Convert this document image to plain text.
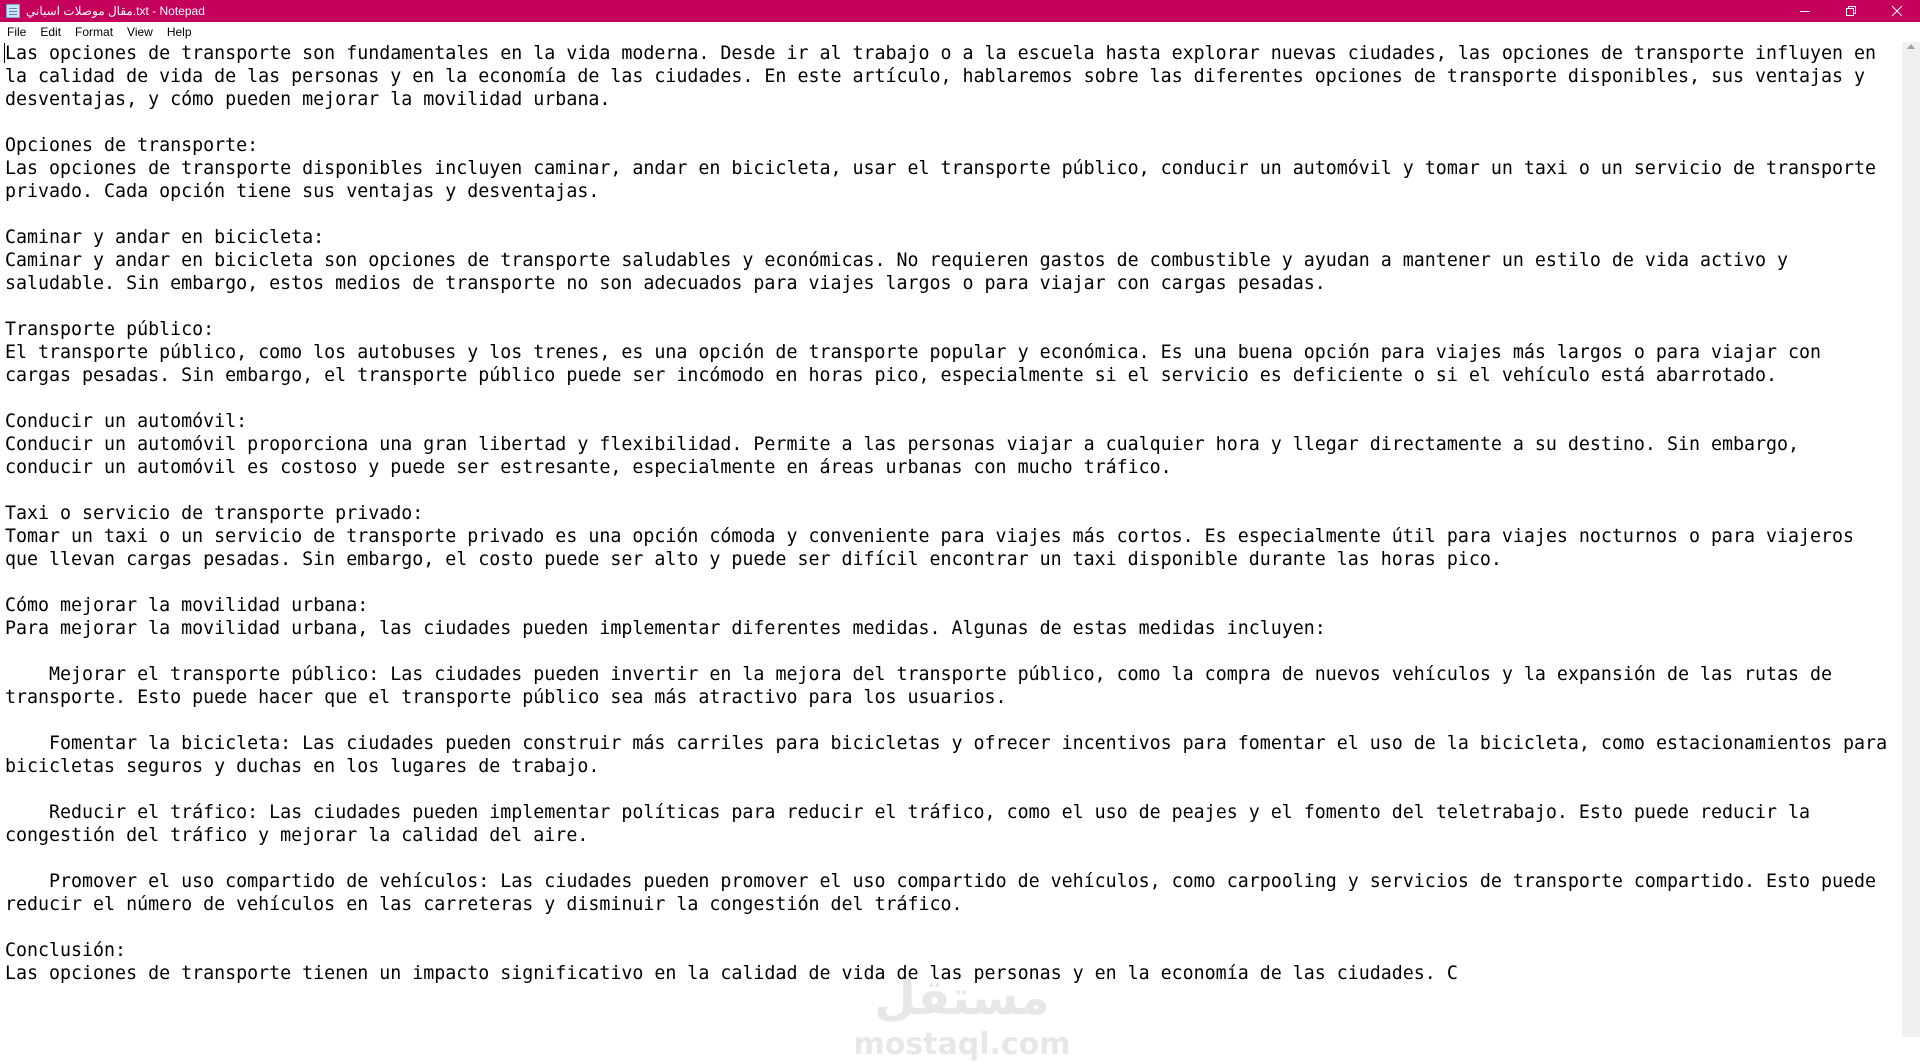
مقال موصلات اسباني.txt - Notepad
File	Edit	Format	View	Help
Las opciones de transporte son fundamentales en la vida moderna. Desde ir al trabajo o a la escuela hasta explorar nuevas ciudades, las opciones de transporte influyen en la calidad de vida de las personas y en la economía de las ciudades. En este artículo, hablaremos sobre las diferentes opciones de transporte disponibles, sus ventajas y desventajas, y cómo pueden mejorar la movilidad urbana.

Opciones de transporte:
Las opciones de transporte disponibles incluyen caminar, andar en bicicleta, usar el transporte público, conducir un automóvil y tomar un taxi o un servicio de transporte privado. Cada opción tiene sus ventajas y desventajas.

Caminar y andar en bicicleta:
Caminar y andar en bicicleta son opciones de transporte saludables y económicas. No requieren gastos de combustible y ayudan a mantener un estilo de vida activo y saludable. Sin embargo, estos medios de transporte no son adecuados para viajes largos o para viajar con cargas pesadas.

Transporte público:
El transporte público, como los autobuses y los trenes, es una opción de transporte popular y económica. Es una buena opción para viajes más largos o para viajar con cargas pesadas. Sin embargo, el transporte público puede ser incómodo en horas pico, especialmente si el servicio es deficiente o si el vehículo está abarrotado.

Conducir un automóvil:
Conducir un automóvil proporciona una gran libertad y flexibilidad. Permite a las personas viajar a cualquier hora y llegar directamente a su destino. Sin embargo, conducir un automóvil es costoso y puede ser estresante, especialmente en áreas urbanas con mucho tráfico.

Taxi o servicio de transporte privado:
Tomar un taxi o un servicio de transporte privado es una opción cómoda y conveniente para viajes más cortos. Es especialmente útil para viajes nocturnos o para viajeros que llevan cargas pesadas. Sin embargo, el costo puede ser alto y puede ser difícil encontrar un taxi disponible durante las horas pico.

Cómo mejorar la movilidad urbana:
Para mejorar la movilidad urbana, las ciudades pueden implementar diferentes medidas. Algunas de estas medidas incluyen:

Mejorar el transporte público: Las ciudades pueden invertir en la mejora del transporte público, como la compra de nuevos vehículos y la expansión de las rutas de transporte. Esto puede hacer que el transporte público sea más atractivo para los usuarios.

Fomentar la bicicleta: Las ciudades pueden construir más carriles para bicicletas y ofrecer incentivos para fomentar el uso de la bicicleta, como estacionamientos para bicicletas seguros y duchas en los lugares de trabajo.

Reducir el tráfico: Las ciudades pueden implementar políticas para reducir el tráfico, como el uso de peajes y el fomento del teletrabajo. Esto puede reducir la congestión del tráfico y mejorar la calidad del aire.

Promover el uso compartido de vehículos: Las ciudades pueden promover el uso compartido de vehículos, como carpooling y servicios de transporte compartido. Esto puede reducir el número de vehículos en las carreteras y disminuir la congestión del tráfico.

Conclusión:
Las opciones de transporte tienen un impacto significativo en la calidad de vida de las personas y en la economía de las ciudades. C
مستقل
mostaql.com
